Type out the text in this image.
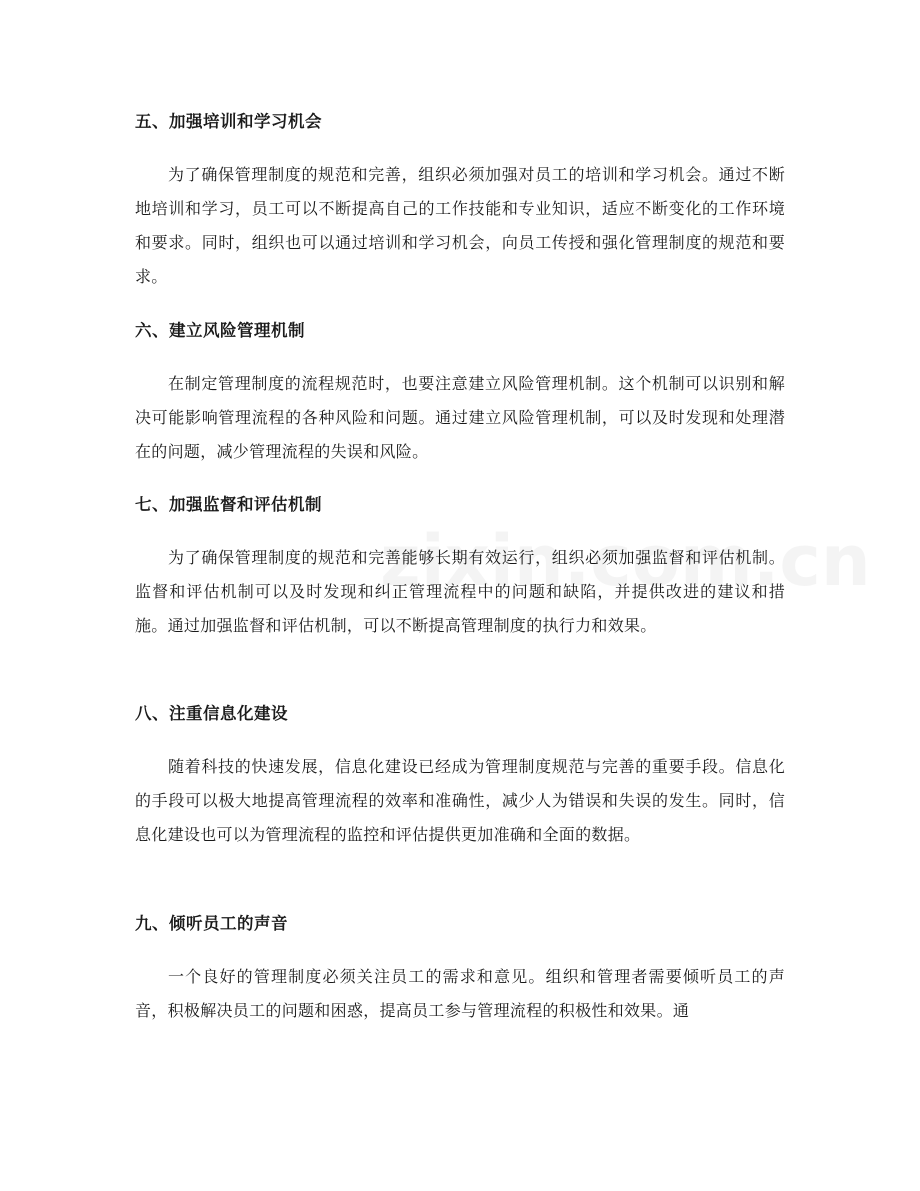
五、加强培训和学习机会

为了确保管理制度的规范和完善，组织必须加强对员工的培训和学习机会。通过不断地培训和学习，员工可以不断提高自己的工作技能和专业知识，适应不断变化的工作环境和要求。同时，组织也可以通过培训和学习机会，向员工传授和强化管理制度的规范和要求。

六、建立风险管理机制

在制定管理制度的流程规范时，也要注意建立风险管理机制。这个机制可以识别和解决可能影响管理流程的各种风险和问题。通过建立风险管理机制，可以及时发现和处理潜在的问题，减少管理流程的失误和风险。

七、加强监督和评估机制

为了确保管理制度的规范和完善能够长期有效运行，组织必须加强监督和评估机制。监督和评估机制可以及时发现和纠正管理流程中的问题和缺陷，并提供改进的建议和措施。通过加强监督和评估机制，可以不断提高管理制度的执行力和效果。

八、注重信息化建设

随着科技的快速发展，信息化建设已经成为管理制度规范与完善的重要手段。信息化的手段可以极大地提高管理流程的效率和准确性，减少人为错误和失误的发生。同时，信息化建设也可以为管理流程的监控和评估提供更加准确和全面的数据。

九、倾听员工的声音

一个良好的管理制度必须关注员工的需求和意见。组织和管理者需要倾听员工的声音，积极解决员工的问题和困惑，提高员工参与管理流程的积极性和效果。通
